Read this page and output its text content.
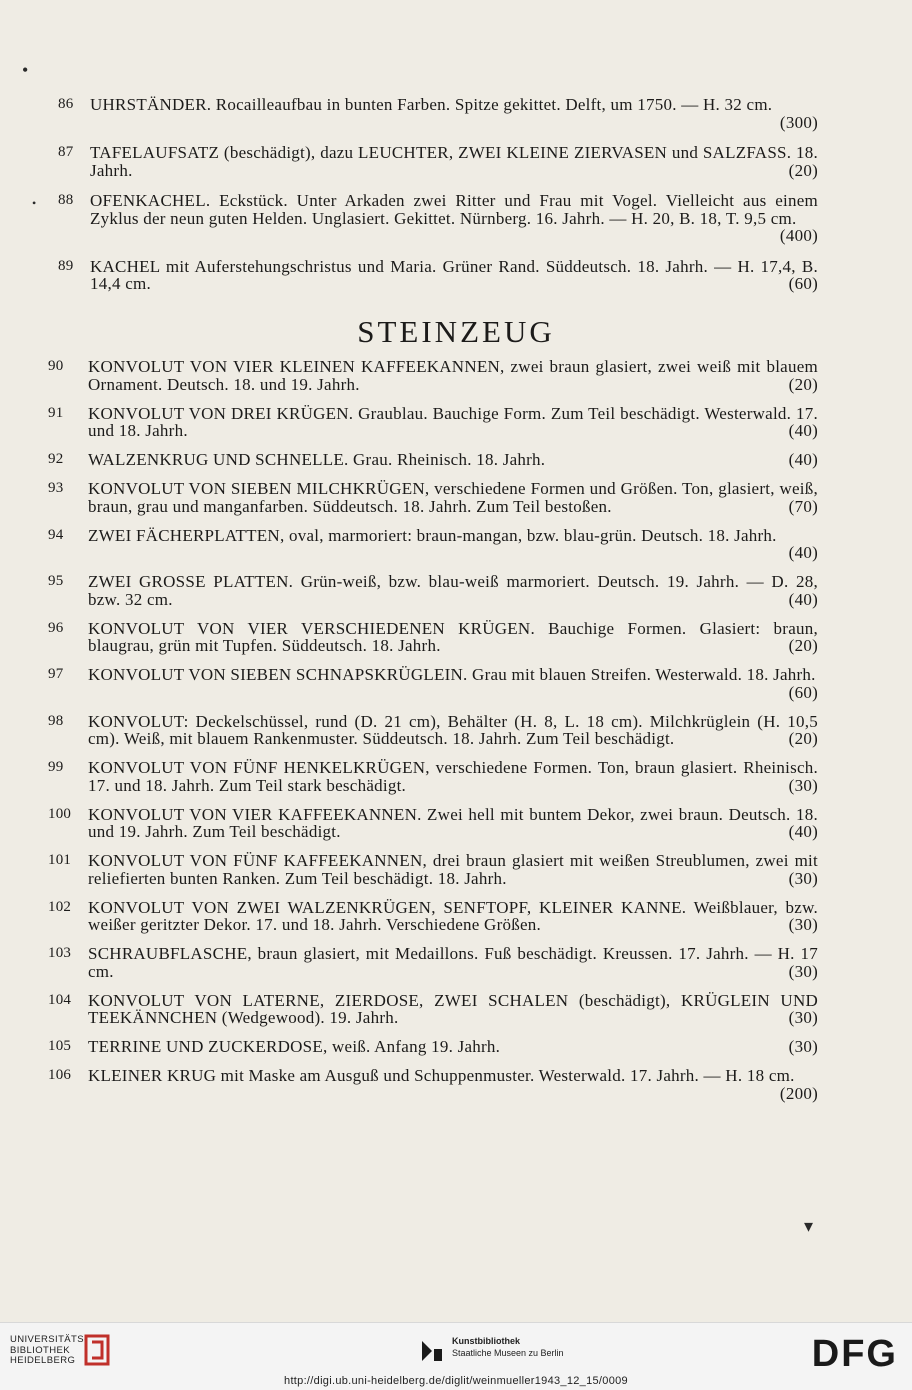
86 UHRSTÄNDER. Rocailleaufbau in bunten Farben. Spitze gekittet. Delft, um 1750. — H. 32 cm.
(300)
87 TAFELAUFSATZ (beschädigt), dazu LEUCHTER, ZWEI KLEINE ZIERVASEN und SALZFASS. 18. Jahrh.	(20)
88 OFENKACHEL. Eckstück. Unter Arkaden zwei Ritter und Frau mit Vogel. Vielleicht aus einem Zyklus der neun guten Helden. Unglasiert. Gekittet. Nürnberg. 16. Jahrh. — H. 20, B. 18, T. 9,5 cm.
(400)
89 KACHEL mit Auferstehungschristus und Maria. Grüner Rand. Süddeutsch. 18. Jahrh. — H. 17,4, B. 14,4 cm.	(60)
STEINZEUG
90	KONVOLUT VON VIER KLEINEN KAFFEEKANNEN, zwei braun glasiert, zwei weiß mit blauem Ornament. Deutsch. 18. und 19. Jahrh.	(20)
91	KONVOLUT VON DREI KRÜGEN. Graublau. Bauchige Form. Zum Teil beschädigt. Westerwald. 17. und 18. Jahrh.	(40)
92	WALZENKRUG UND SCHNELLE. Grau. Rheinisch. 18. Jahrh.	(40)
93	KONVOLUT VON SIEBEN MILCHKRÜGEN, verschiedene Formen und Größen. Ton, glasiert, weiß, braun, grau und manganfarben. Süddeutsch. 18. Jahrh. Zum Teil bestoßen.	(70)
94	ZWEI FÄCHERPLATTEN, oval, marmoriert: braun-mangan, bzw. blau-grün. Deutsch. 18. Jahrh.
(40)
95	ZWEI GROSSE PLATTEN. Grün-weiß, bzw. blau-weiß marmoriert. Deutsch. 19. Jahrh. — D. 28, bzw. 32 cm.	(40)
96	KONVOLUT VON VIER VERSCHIEDENEN KRÜGEN. Bauchige Formen. Glasiert: braun, blaugrau, grün mit Tupfen. Süddeutsch. 18. Jahrh.	(20)
97	KONVOLUT VON SIEBEN SCHNAPSKRÜGLEIN. Grau mit blauen Streifen. Westerwald. 18. Jahrh.
(60)
98	KONVOLUT: Deckelschüssel, rund (D. 21 cm), Behälter (H. 8, L. 18 cm). Milchkrüglein (H. 10,5 cm). Weiß, mit blauem Rankenmuster. Süddeutsch. 18. Jahrh. Zum Teil beschädigt.	(20)
99	KONVOLUT VON FÜNF HENKELKRÜGEN, verschiedene Formen. Ton, braun glasiert. Rheinisch. 17. und 18. Jahrh. Zum Teil stark beschädigt.	(30)
100 KONVOLUT VON VIER KAFFEEKANNEN. Zwei hell mit buntem Dekor, zwei braun. Deutsch. 18. und 19. Jahrh. Zum Teil beschädigt.	(40)
101 KONVOLUT VON FÜNF KAFFEEKANNEN, drei braun glasiert mit weißen Streublumen, zwei mit reliefierten bunten Ranken. Zum Teil beschädigt. 18. Jahrh.	(30)
102 KONVOLUT VON ZWEI WALZENKRÜGEN, SENFTOPF, KLEINER KANNE. Weißblauer, bzw. weißer geritzter Dekor. 17. und 18. Jahrh. Verschiedene Größen.	(30)
103 SCHRAUBFLASCHE, braun glasiert, mit Medaillons. Fuß beschädigt. Kreussen. 17. Jahrh. — H. 17 cm.	(30)
104 KONVOLUT VON LATERNE, ZIERDOSE, ZWEI SCHALEN (beschädigt), KRÜGLEIN UND TEEKÄNNCHEN (Wedgewood). 19. Jahrh.	(30)
105 TERRINE UND ZUCKERDOSE, weiß. Anfang 19. Jahrh.	(30)
106 KLEINER KRUG mit Maske am Ausguß und Schuppenmuster. Westerwald. 17. Jahrh. — H. 18 cm.
(200)
•
•
▾
UNIVERSITÄTS-
BIBLIOTHEK
HEIDELBERG
Kunstbibliothek
Staatliche Museen zu Berlin	DFG
http://digi.ub.uni-heidelberg.de/diglit/weinmueller1943_12_15/0009
